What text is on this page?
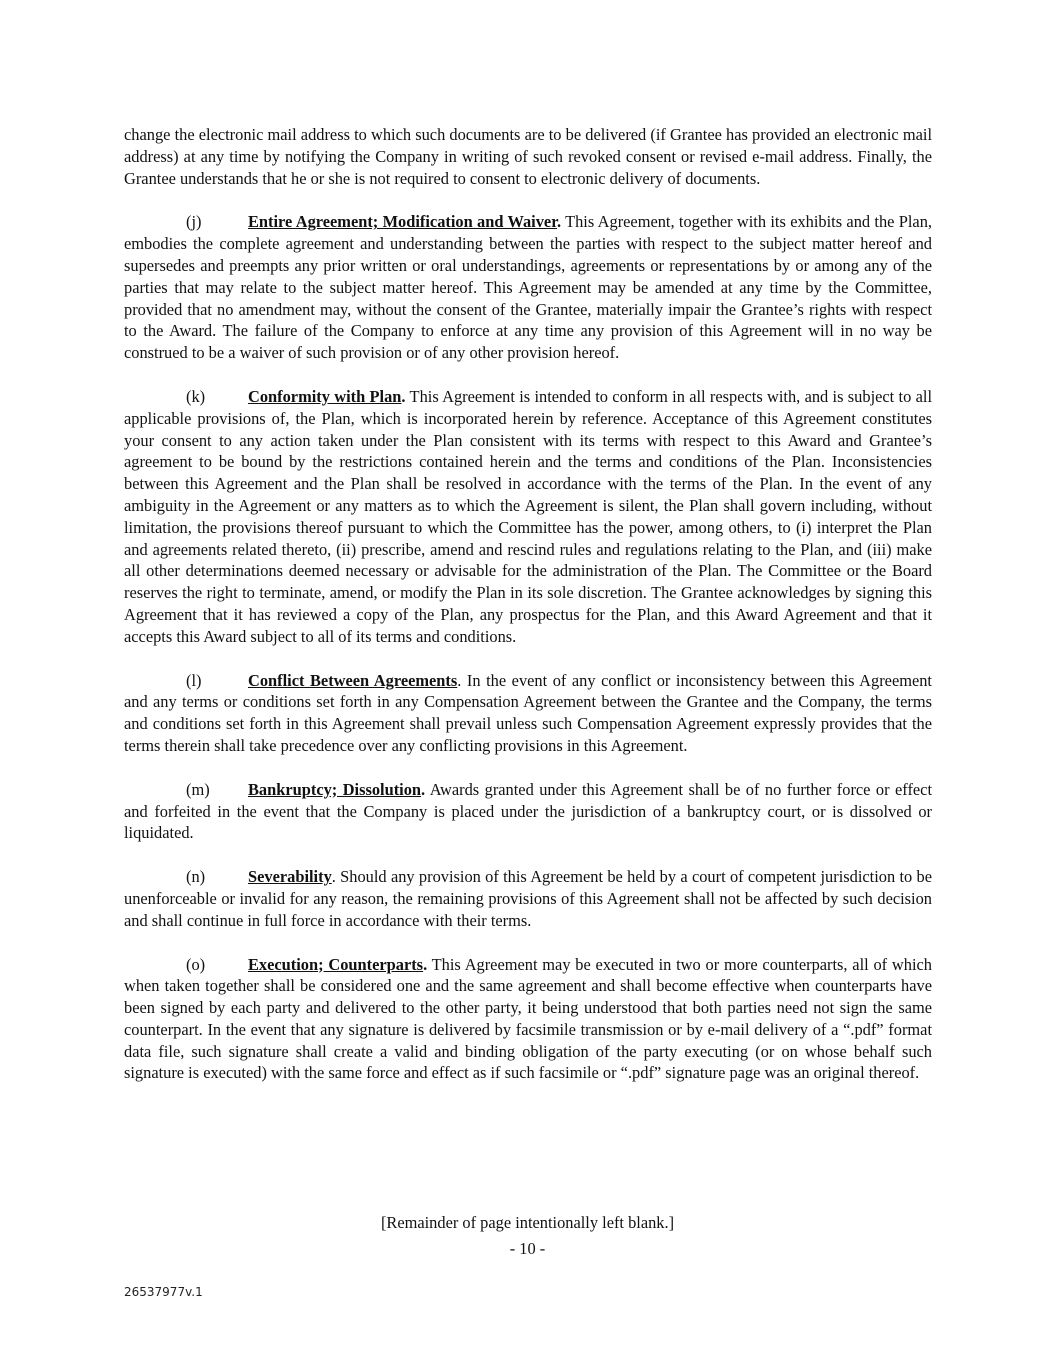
change the electronic mail address to which such documents are to be delivered (if Grantee has provided an electronic mail address) at any time by notifying the Company in writing of such revoked consent or revised e-mail address. Finally, the Grantee understands that he or she is not required to consent to electronic delivery of documents.

(j)	Entire Agreement; Modification and Waiver. This Agreement, together with its exhibits and the Plan, embodies the complete agreement and understanding between the parties with respect to the subject matter hereof and supersedes and preempts any prior written or oral understandings, agreements or representations by or among any of the parties that may relate to the subject matter hereof. This Agreement may be amended at any time by the Committee, provided that no amendment may, without the consent of the Grantee, materially impair the Grantee’s rights with respect to the Award. The failure of the Company to enforce at any time any provision of this Agreement will in no way be construed to be a waiver of such provision or of any other provision hereof.

(k)	Conformity with Plan. This Agreement is intended to conform in all respects with, and is subject to all applicable provisions of, the Plan, which is incorporated herein by reference. Acceptance of this Agreement constitutes your consent to any action taken under the Plan consistent with its terms with respect to this Award and Grantee’s agreement to be bound by the restrictions contained herein and the terms and conditions of the Plan. Inconsistencies between this Agreement and the Plan shall be resolved in accordance with the terms of the Plan. In the event of any ambiguity in the Agreement or any matters as to which the Agreement is silent, the Plan shall govern including, without limitation, the provisions thereof pursuant to which the Committee has the power, among others, to (i) interpret the Plan and agreements related thereto, (ii) prescribe, amend and rescind rules and regulations relating to the Plan, and (iii) make all other determinations deemed necessary or advisable for the administration of the Plan. The Committee or the Board reserves the right to terminate, amend, or modify the Plan in its sole discretion. The Grantee acknowledges by signing this Agreement that it has reviewed a copy of the Plan, any prospectus for the Plan, and this Award Agreement and that it accepts this Award subject to all of its terms and conditions.

(l)	Conflict Between Agreements. In the event of any conflict or inconsistency between this Agreement and any terms or conditions set forth in any Compensation Agreement between the Grantee and the Company, the terms and conditions set forth in this Agreement shall prevail unless such Compensation Agreement expressly provides that the terms therein shall take precedence over any conflicting provisions in this Agreement.

(m) Bankruptcy; Dissolution. Awards granted under this Agreement shall be of no further force or effect and forfeited in the event that the Company is placed under the jurisdiction of a bankruptcy court, or is dissolved or liquidated.

(n)	Severability. Should any provision of this Agreement be held by a court of competent jurisdiction to be unenforceable or invalid for any reason, the remaining provisions of this Agreement shall not be affected by such decision and shall continue in full force in accordance with their terms.

(o)	Execution; Counterparts. This Agreement may be executed in two or more counterparts, all of which when taken together shall be considered one and the same agreement and shall become effective when counterparts have been signed by each party and delivered to the other party, it being understood that both parties need not sign the same counterpart. In the event that any signature is delivered by facsimile transmission or by e-mail delivery of a “.pdf” format data file, such signature shall create a valid and binding obligation of the party executing (or on whose behalf such signature is executed) with the same force and effect as if such facsimile or “.pdf” signature page was an original thereof.

[Remainder of page intentionally left blank.]
- 10 -
26537977v.1
